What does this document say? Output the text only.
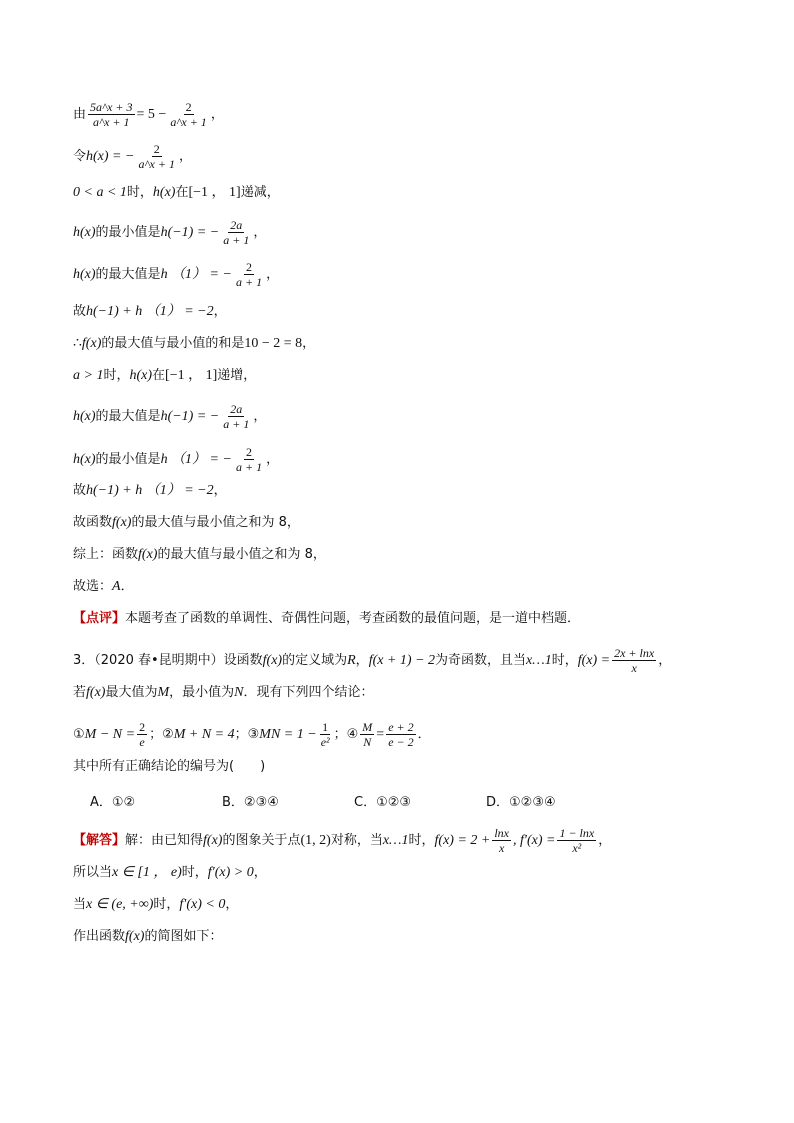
由 $\frac{5a\^{}x + 3}{a\^{}x + 1} = 5 - \frac{2}{a\^{}x + 1}$ ，
令 h(x) = − $\frac{2}{a\^{}x + 1}$ ，
0 < a < 1 时， h(x) 在 [−1 ， 1] 递减，
h(x) 的最小值是 h(−1) = − $\frac{2a}{a + 1}$ ，
h(x) 的最大值是 h （1） = − $\frac{2}{a + 1}$ ，
故 h(−1) + h （1） = −2 ，
∴ f(x) 的最大值与最小值的和是 10 − 2 = 8 ，
a > 1 时， h(x) 在 [−1 ， 1] 递增，
h(x) 的最大值是 h(−1) = − $\frac{2a}{a + 1}$ ，
h(x) 的最小值是 h （1） = − $\frac{2}{a + 1}$ ，
故 h(−1) + h （1） = −2 ，
故函数 f(x) 的最大值与最小值之和为 8，
综上：函数 f(x) 的最大值与最小值之和为 8，
故选： A ．
【点评】 本题考查了函数的单调性、奇偶性问题，考查函数的最值问题，是一道中档题．
3．（2020 春•昆明期中）设函数 f(x) 的定义域为 R ， f(x + 1) − 2 为奇函数，且当 x…1 时， $f(x) = \frac{2x + \ln x}{x}$ ，
若 f(x) 最大值为 M ，最小值为 N ．现有下列四个结论：
① $M - N = \frac{2}{e}$ ；② M + N = 4 ；③ MN = $1 - \frac{1}{\text{e²}}$ ；④ $\frac{M}{N} = \frac{e + 2}{e - 2}$ ．
其中所有正确结论的编号为(　　)
A．①②	B．②③④	C．①②③	D．①②③④
【解答】 解：由已知得 f(x) 的图象关于点 (1, 2) 对称，当 x…1 时， $f(x) = 2 + \frac{\ln x}{x}$ , $f'(x) = \frac{1 - \ln x}{\text{x²}}$ ，
所以当 x ∈ [1 ， e) 时， f′(x) > 0 ，
当 x ∈ (e, +∞) 时， f′(x) < 0 ，
作出函数 f(x) 的简图如下：
